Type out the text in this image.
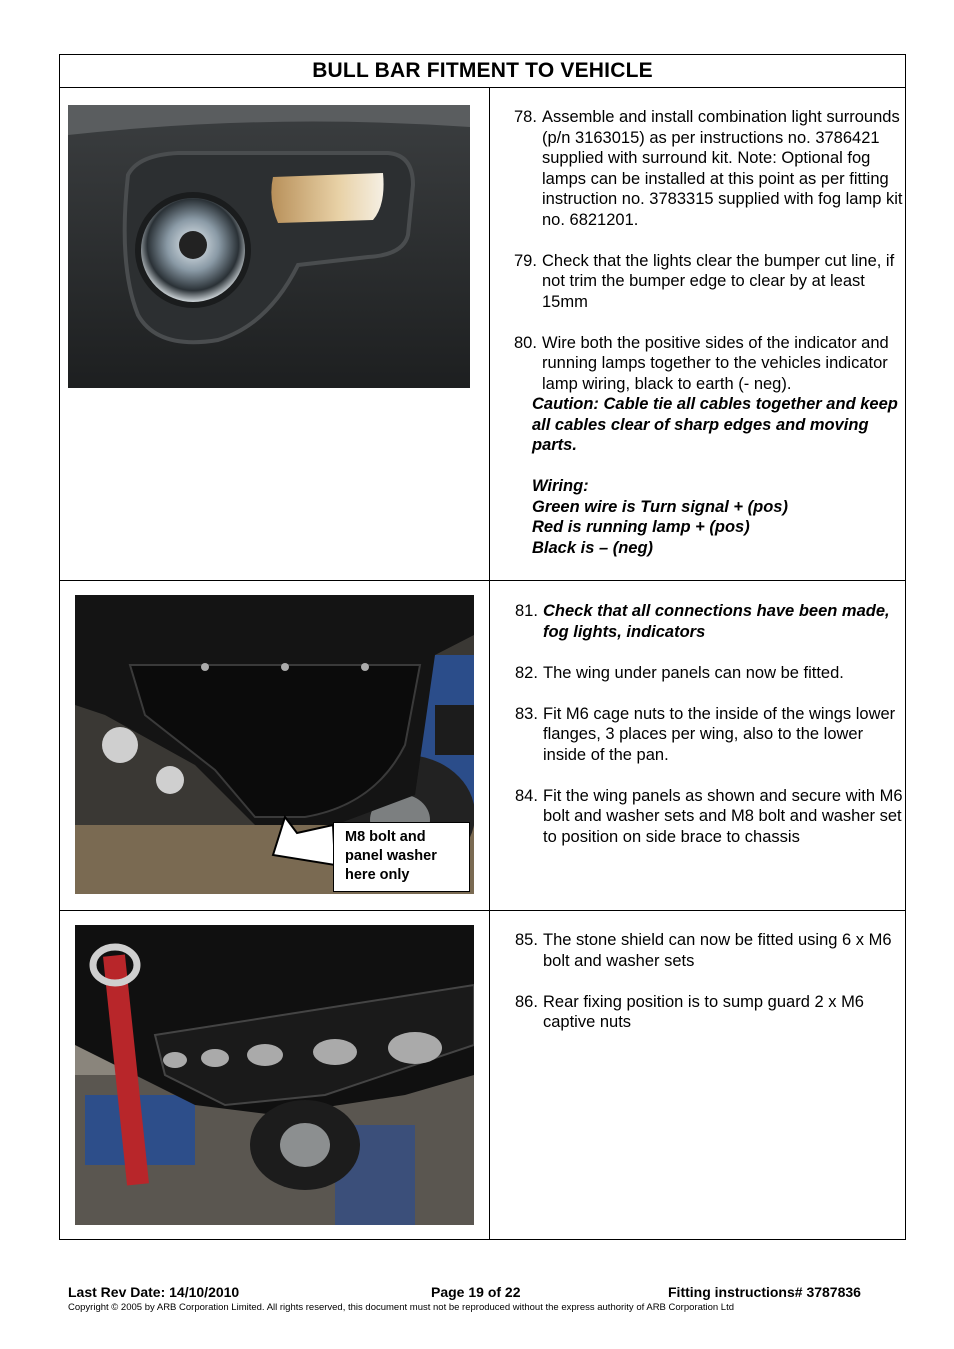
BULL BAR FITMENT TO VEHICLE
78. Assemble and install combination light surrounds (p/n 3163015) as per instructions no. 3786421 supplied with surround kit. Note: Optional fog lamps can be installed at this point as per fitting instruction no. 3783315 supplied with fog lamp kit no. 6821201.
79. Check that the lights clear the bumper cut line, if not trim the bumper edge to clear by at least 15mm
80. Wire both the positive sides of the indicator and running lamps together to the vehicles indicator lamp wiring, black to earth (- neg).
Caution: Cable tie all cables together and keep all cables clear of sharp edges and moving parts.
Wiring:
Green wire is Turn signal + (pos)
Red is running lamp + (pos)
Black is – (neg)
M8 bolt and
panel washer
here only
81. Check that all connections have been made, fog lights, indicators
82. The wing under panels can now be fitted.
83. Fit M6 cage nuts to the inside of the wings lower flanges, 3 places per wing, also to the lower inside of the pan.
84. Fit the wing panels as shown and secure with M6 bolt and washer sets and M8 bolt and washer set to position on side brace to chassis
85. The stone shield can now be fitted using 6 x M6 bolt and washer sets
86. Rear fixing position is to sump guard 2 x M6 captive nuts
Last Rev Date: 14/10/2010	Page 19 of 22	Fitting instructions# 3787836
Copyright © 2005 by ARB Corporation Limited. All rights reserved, this document must not be reproduced without the express authority of ARB Corporation Ltd
